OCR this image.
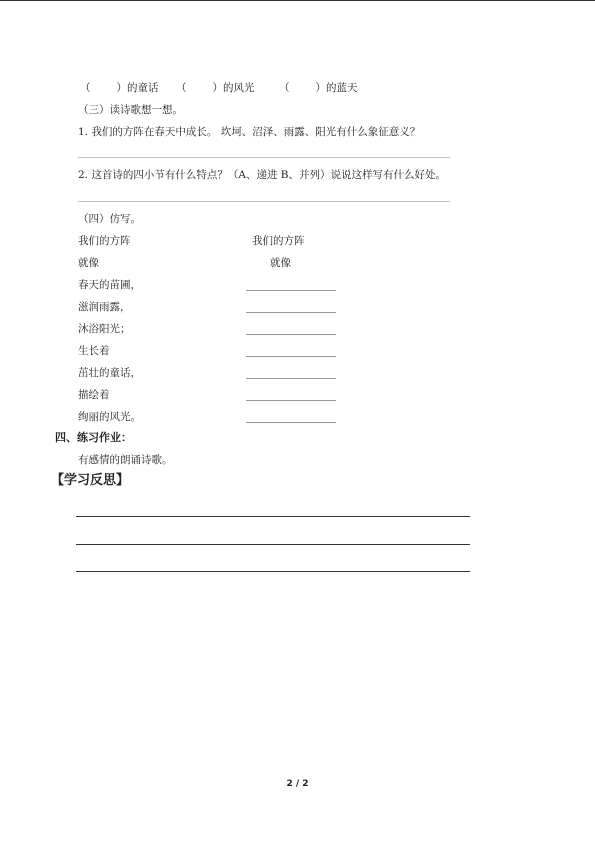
（ ）的童话 （ ）的风光 （ ）的蓝天
（三）读诗歌想一想。
1. 我们的方阵在春天中成长。 坎坷、沼泽、雨露、阳光有什么象征意义？
2. 这首诗的四小节有什么特点？（A、递进 B、并列）说说这样写有什么好处。
（四）仿写。
我们的方阵	我们的方阵
就像	就像
春天的苗圃，
滋润雨露，
沐浴阳光；
生长着
茁壮的童话，
描绘着
绚丽的风光。
四、练习作业：
有感情的朗诵诗歌。
【学习反思】
2 / 2
